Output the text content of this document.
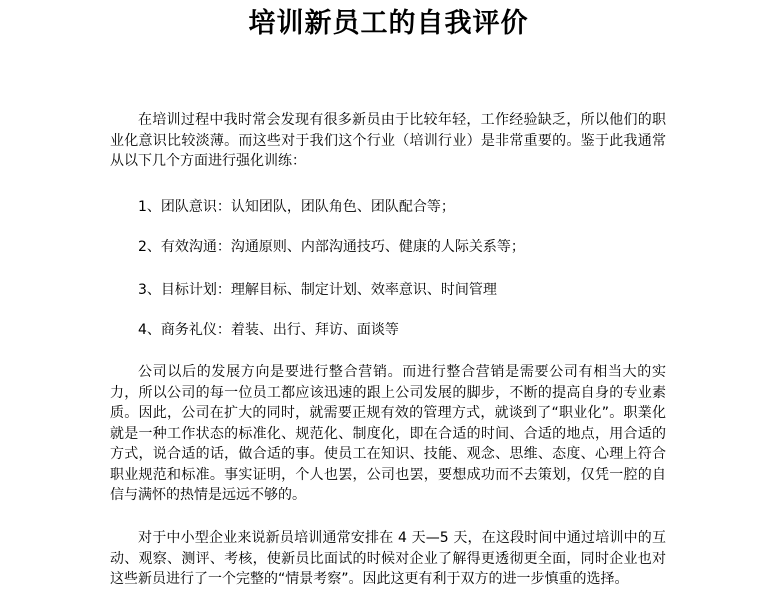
培训新员工的自我评价

在培训过程中我时常会发现有很多新员由于比较年轻，工作经验缺乏，所以他们的职业化意识比较淡薄。而这些对于我们这个行业（培训行业）是非常重要的。鉴于此我通常从以下几个方面进行强化训练：

1、团队意识：认知团队，团队角色、团队配合等；
2、有效沟通：沟通原则、内部沟通技巧、健康的人际关系等；
3、目标计划：理解目标、制定计划、效率意识、时间管理
4、商务礼仪：着装、出行、拜访、面谈等

公司以后的发展方向是要进行整合营销。而进行整合营销是需要公司有相当大的实力，所以公司的每一位员工都应该迅速的跟上公司发展的脚步，不断的提高自身的专业素质。因此，公司在扩大的同时，就需要正规有效的管理方式，就谈到了“职业化”。职業化就是一种工作状态的标准化、规范化、制度化，即在合适的时间、合适的地点，用合适的方式，说合适的话，做合适的事。使员工在知识、技能、观念、思维、态度、心理上符合职业规范和标准。事实证明，个人也罢，公司也罢，要想成功而不去策划，仅凭一腔的自信与满怀的热情是远远不够的。

对于中小型企业来说新员培训通常安排在 4 天—5 天，在这段时间中通过培训中的互动、观察、测评、考核，使新员比面试的时候对企业了解得更透彻更全面，同时企业也对这些新员进行了一个完整的“情景考察”。因此这更有利于双方的进一步慎重的选择。
